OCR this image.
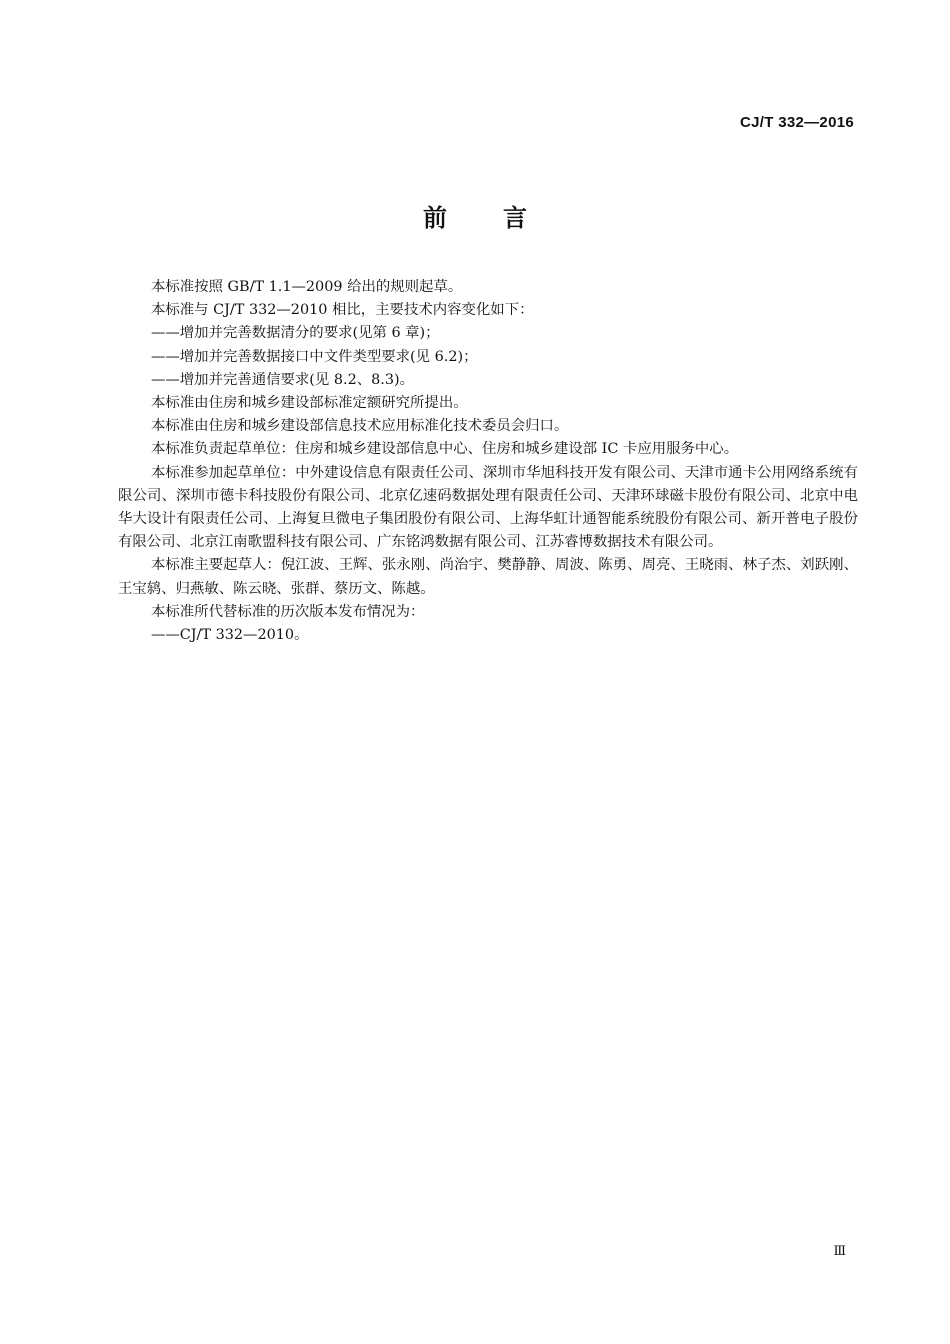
CJ/T 332—2016
前 言

本标准按照 GB/T 1.1—2009 给出的规则起草。

本标准与 CJ/T 332—2010 相比，主要技术内容变化如下：

——增加并完善数据清分的要求(见第 6 章)；

——增加并完善数据接口中文件类型要求(见 6.2)；

——增加并完善通信要求(见 8.2、8.3)。

本标准由住房和城乡建设部标准定额研究所提出。

本标准由住房和城乡建设部信息技术应用标准化技术委员会归口。

本标准负责起草单位：住房和城乡建设部信息中心、住房和城乡建设部 IC 卡应用服务中心。

本标准参加起草单位：中外建设信息有限责任公司、深圳市华旭科技开发有限公司、天津市通卡公用网络系统有限公司、深圳市德卡科技股份有限公司、北京亿速码数据处理有限责任公司、天津环球磁卡股份有限公司、北京中电华大设计有限责任公司、上海复旦微电子集团股份有限公司、上海华虹计通智能系统股份有限公司、新开普电子股份有限公司、北京江南歌盟科技有限公司、广东铭鸿数据有限公司、江苏睿博数据技术有限公司。

本标准主要起草人：倪江波、王辉、张永刚、尚治宇、樊静静、周波、陈勇、周亮、王晓雨、林子杰、刘跃刚、王宝鸫、归燕敏、陈云晓、张群、蔡历文、陈越。

本标准所代替标准的历次版本发布情况为：

——CJ/T 332—2010。

Ⅲ
